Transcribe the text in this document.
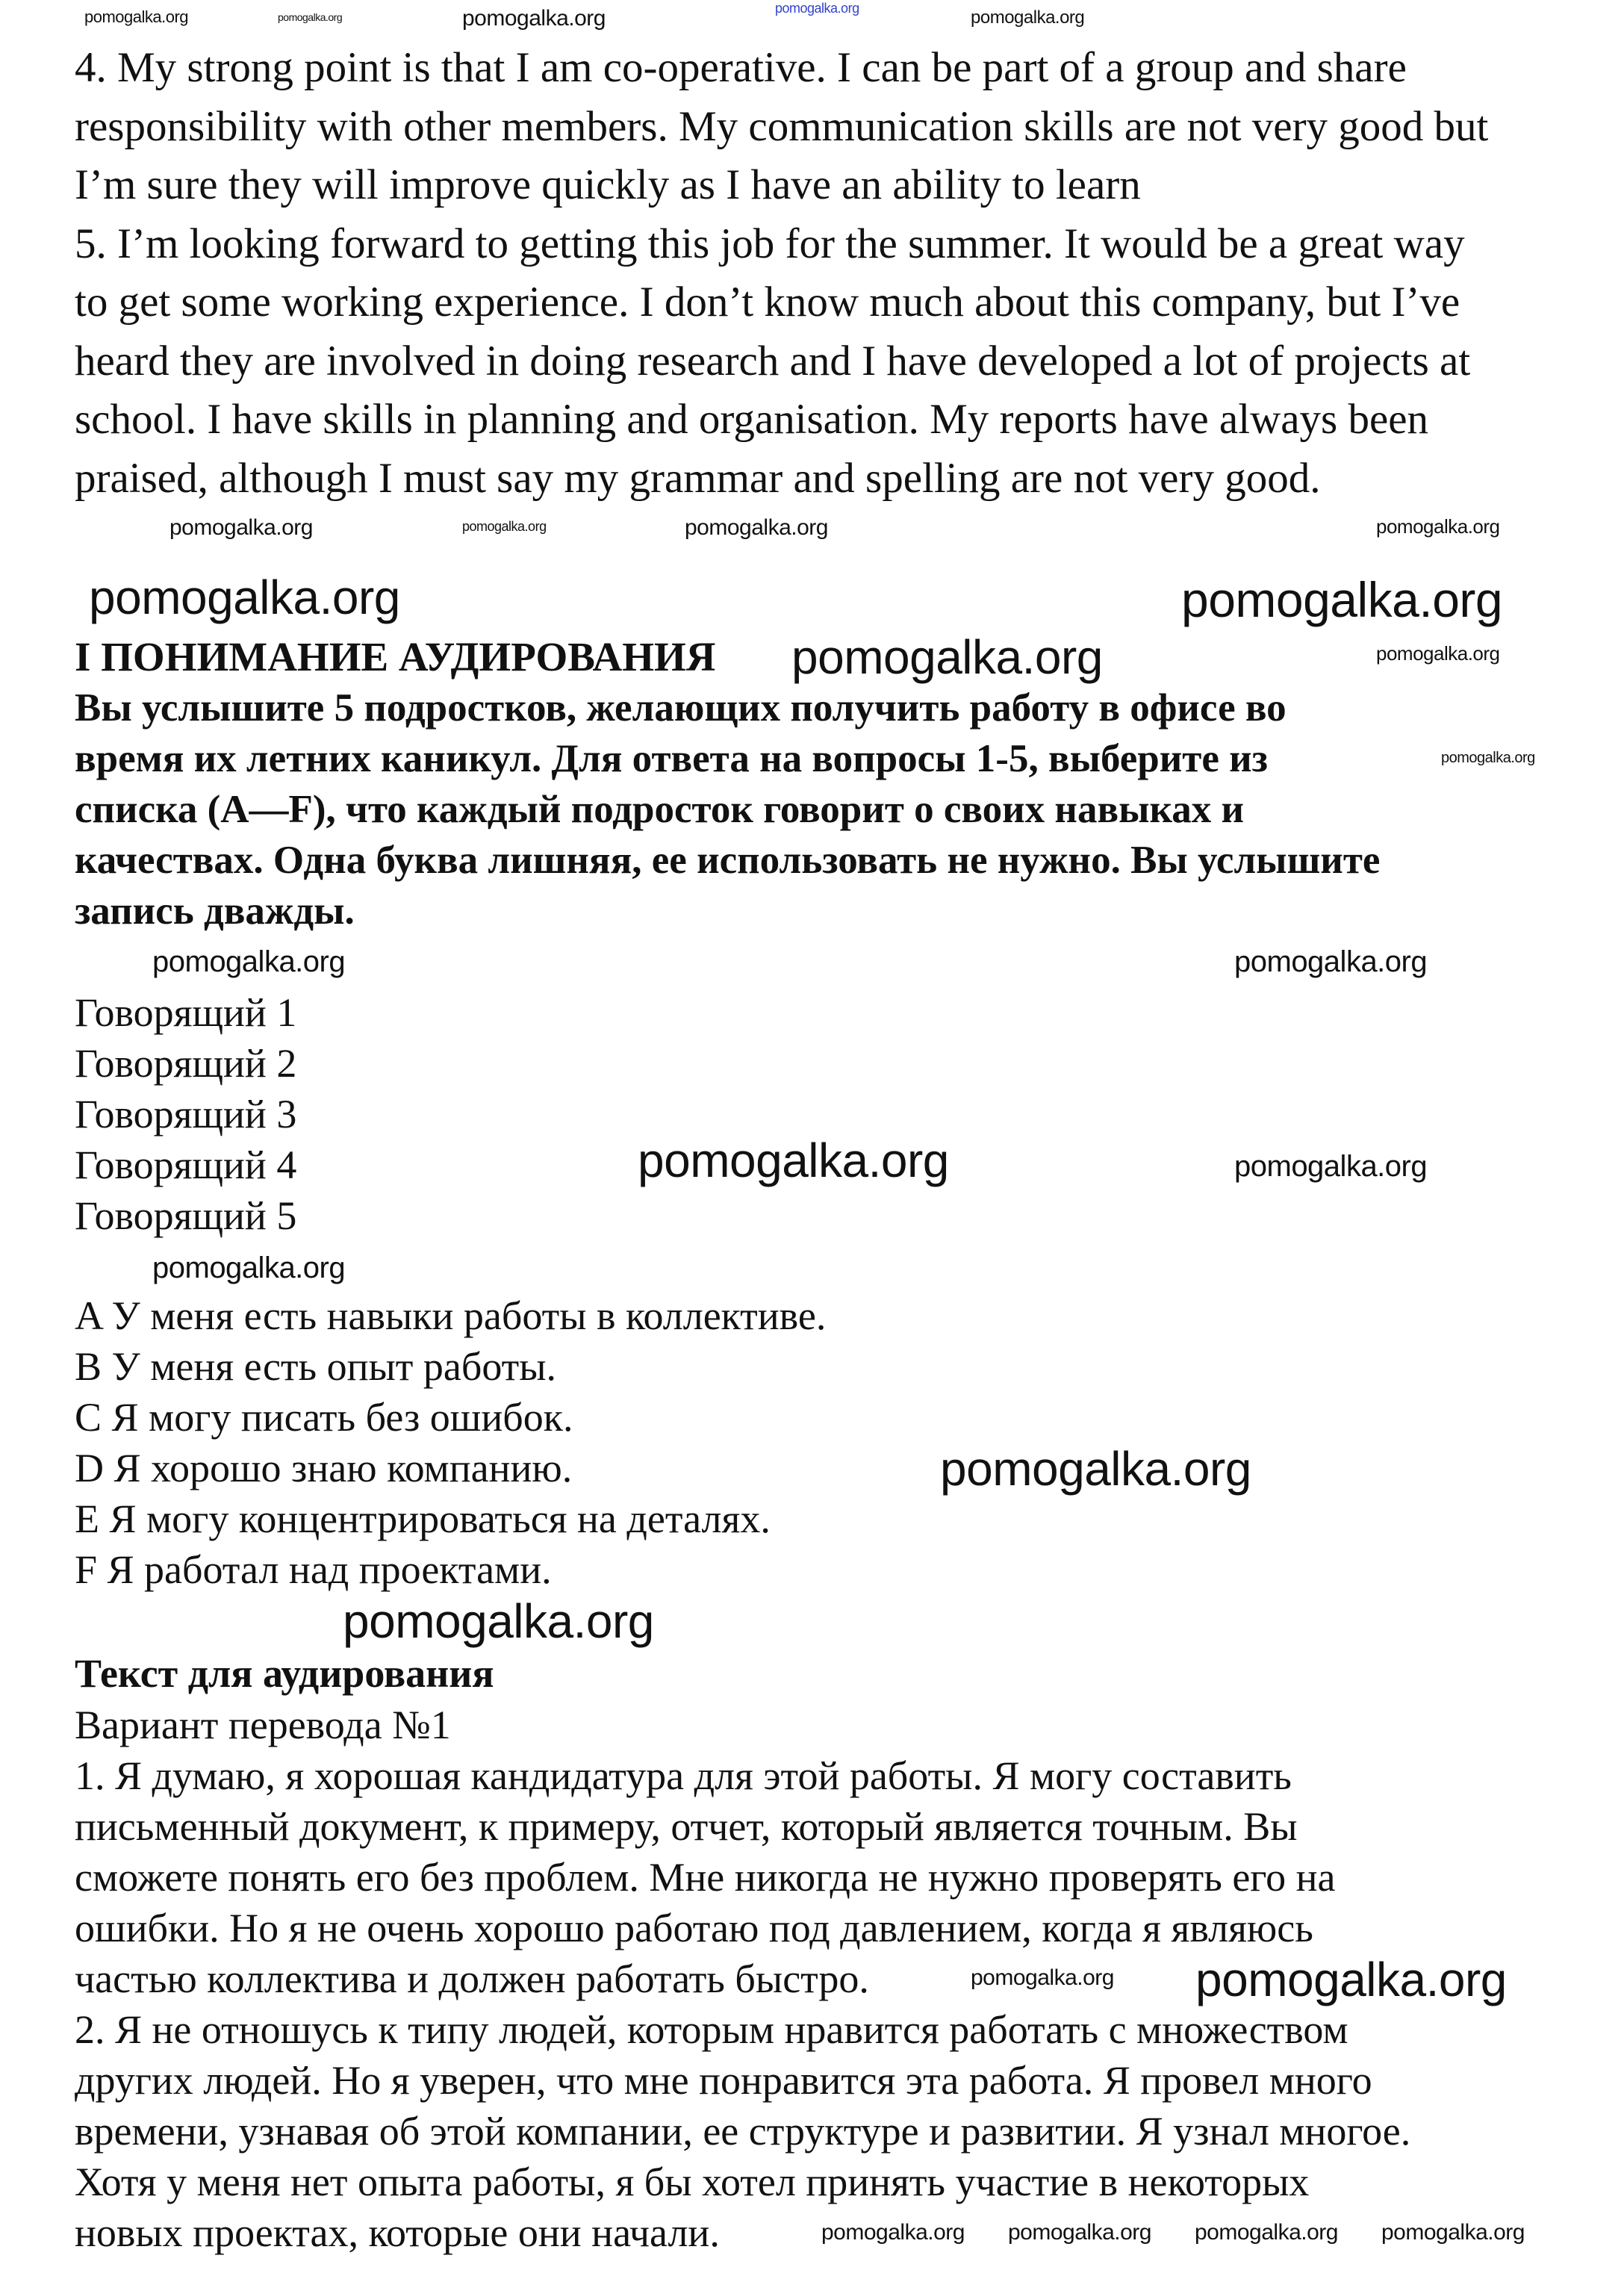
4. My strong point is that I am co-operative. I can be part of a group and share
responsibility with other members. My communication skills are not very good but
I’m sure they will improve quickly as I have an ability to learn
5. I’m looking forward to getting this job for the summer. It would be a great way
to get some working experience. I don’t know much about this company, but I’ve
heard they are involved in doing research and I have developed a lot of projects at
school. I have skills in planning and organisation. My reports have always been
praised, although I must say my grammar and spelling are not very good.
I ПОНИМАНИЕ АУДИРОВАНИЯ
Вы услышите 5 подростков, желающих получить работу в офисе во
время их летних каникул. Для ответа на вопросы 1-5, выберите из
списка (A—F), что каждый подросток говорит о своих навыках и
качествах. Одна буква лишняя, ее использовать не нужно. Вы услышите
запись дважды.
Говорящий 1
Говорящий 2
Говорящий 3
Говорящий 4
Говорящий 5
A У меня есть навыки работы в коллективе.
B У меня есть опыт работы.
C Я могу писать без ошибок.
D Я хорошо знаю компанию.
E Я могу концентрироваться на деталях.
F Я работал над проектами.
Текст для аудирования
Вариант перевода №1
1. Я думаю, я хорошая кандидатура для этой работы. Я могу составить
письменный документ, к примеру, отчет, который является точным. Вы
сможете понять его без проблем. Мне никогда не нужно проверять его на
ошибки. Но я не очень хорошо работаю под давлением, когда я являюсь
частью коллектива и должен работать быстро.
2. Я не отношусь к типу людей, которым нравится работать с множеством
других людей. Но я уверен, что мне понравится эта работа. Я провел много
времени, узнавая об этой компании, ее структуре и развитии. Я узнал многое.
Хотя у меня нет опыта работы, я бы хотел принять участие в некоторых
новых проектах, которые они начали.
pomogalka.org
pomogalka.org	pomogalka.org	pomogalka.org	pomogalka.org
pomogalka.org
pomogalka.org	pomogalka.org	pomogalka.org	pomogalka.org
pomogalka.org
pomogalka.org	pomogalka.org
pomogalka.org
pomogalka.org	pomogalka.org
pomogalka.org	pomogalka.org
pomogalka.org
pomogalka.org
pomogalka.org
pomogalka.org
pomogalka.org
pomogalka.org
pomogalka.org pomogalka.org pomogalka.org
